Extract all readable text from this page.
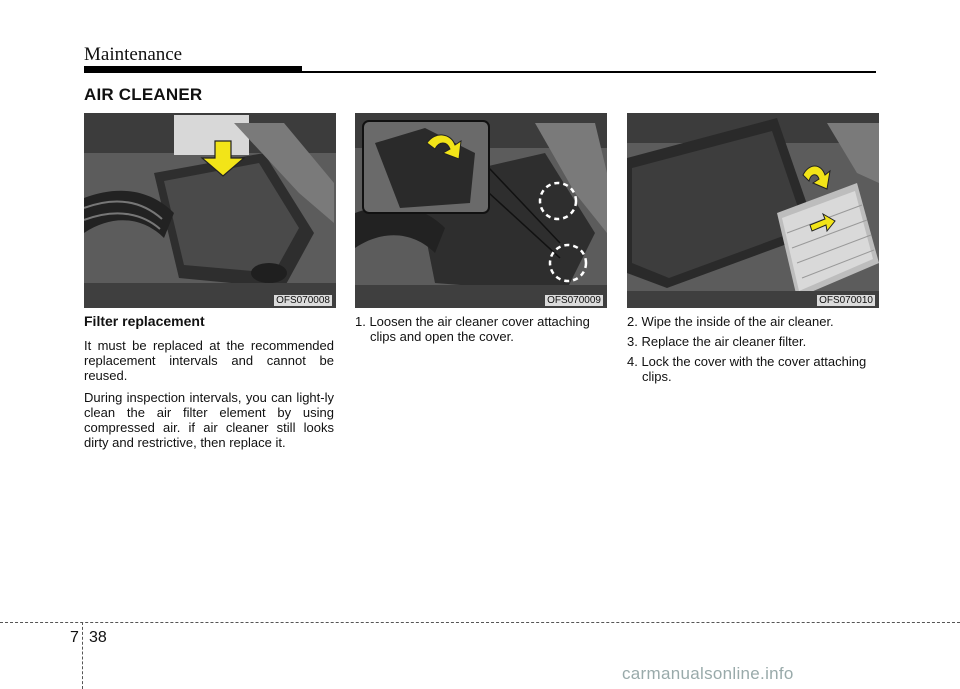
Maintenance
AIR CLEANER
OFS070008	OFS070009	OFS070010
Filter replacement

It must be replaced at the recommended replacement intervals and cannot be reused.

During inspection intervals, you can light-ly clean the air filter element by using compressed air. if air cleaner still looks dirty and restrictive, then replace it.

1. Loosen the air cleaner cover attaching clips and open the cover.

2. Wipe the inside of the air cleaner.

3. Replace the air cleaner filter.

4. Lock the cover with the cover attaching clips.

7 38
carmanualsonline.info
